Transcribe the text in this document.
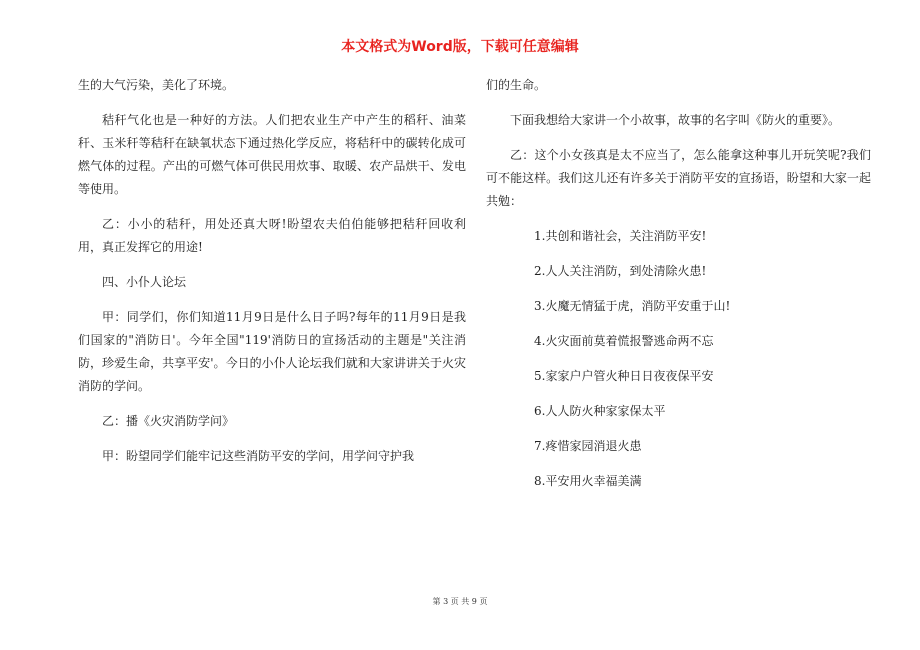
本文格式为Word版，下载可任意编辑

生的大气污染，美化了环境。

秸秆气化也是一种好的方法。人们把农业生产中产生的稻秆、油菜秆、玉米秆等秸秆在缺氧状态下通过热化学反应，将秸秆中的碳转化成可燃气体的过程。产出的可燃气体可供民用炊事、取暖、农产品烘干、发电等使用。

乙：小小的秸秆，用处还真大呀!盼望农夫伯伯能够把秸秆回收利用，真正发挥它的用途!

四、小仆人论坛

甲：同学们，你们知道11月9日是什么日子吗?每年的11月9日是我们国家的"消防日'。今年全国"119'消防日的宣扬活动的主题是"关注消防，珍爱生命，共享平安'。今日的小仆人论坛我们就和大家讲讲关于火灾消防的学问。

乙：播《火灾消防学问》

甲：盼望同学们能牢记这些消防平安的学问，用学问守护我

们的生命。

下面我想给大家讲一个小故事，故事的名字叫《防火的重要》。

乙：这个小女孩真是太不应当了，怎么能拿这种事儿开玩笑呢?我们可不能这样。我们这儿还有许多关于消防平安的宣扬语，盼望和大家一起共勉：

1.共创和谐社会，关注消防平安!

2.人人关注消防，到处清除火患!

3.火魔无情猛于虎，消防平安重于山!

4.火灾面前莫着慌报警逃命两不忘

5.家家户户管火种日日夜夜保平安

6.人人防火种家家保太平

7.疼惜家园消退火患

8.平安用火幸福美满

第 3 页 共 9 页
